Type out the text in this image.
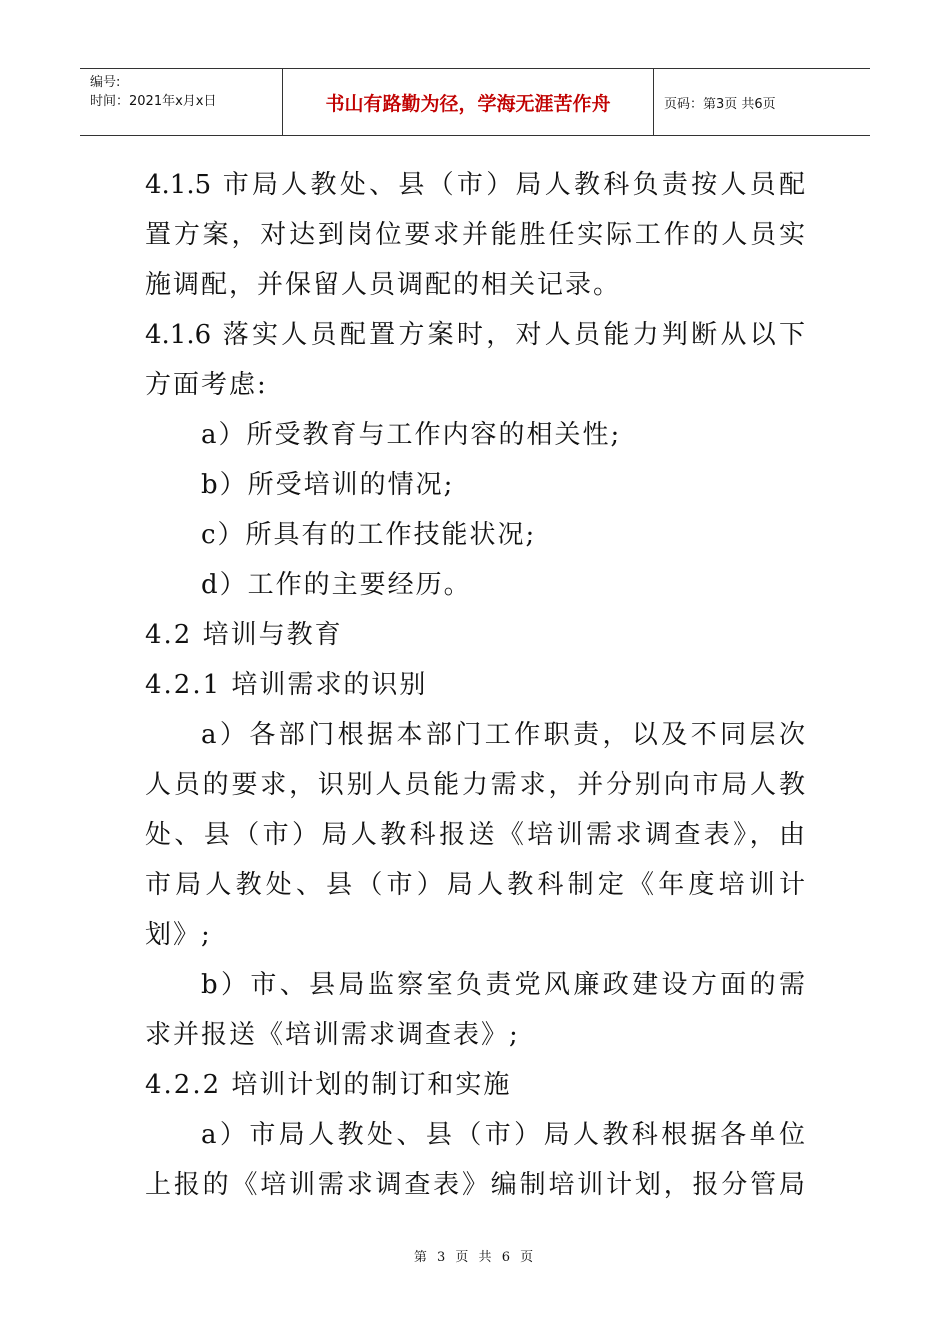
编号:
时间：2021年x月x日	书山有路勤为径，学海无涯苦作舟	页码：第3页 共6页
4.1.5 市局人教处、县（市）局人教科负责按人员配
置方案，对达到岗位要求并能胜任实际工作的人员实
施调配，并保留人员调配的相关记录。
4.1.6 落实人员配置方案时，对人员能力判断从以下
方面考虑:
a）所受教育与工作内容的相关性;
b）所受培训的情况;
c）所具有的工作技能状况;
d）工作的主要经历。
4.2 培训与教育
4.2.1 培训需求的识别
a）各部门根据本部门工作职责，以及不同层次
人员的要求，识别人员能力需求，并分别向市局人教
处、县（市）局人教科报送《培训需求调查表》，由
市局人教处、县（市）局人教科制定《年度培训计
划》;
b）市、县局监察室负责党风廉政建设方面的需
求并报送《培训需求调查表》;
4.2.2 培训计划的制订和实施
a）市局人教处、县（市）局人教科根据各单位
上报的《培训需求调查表》编制培训计划，报分管局
第 3 页 共 6 页
